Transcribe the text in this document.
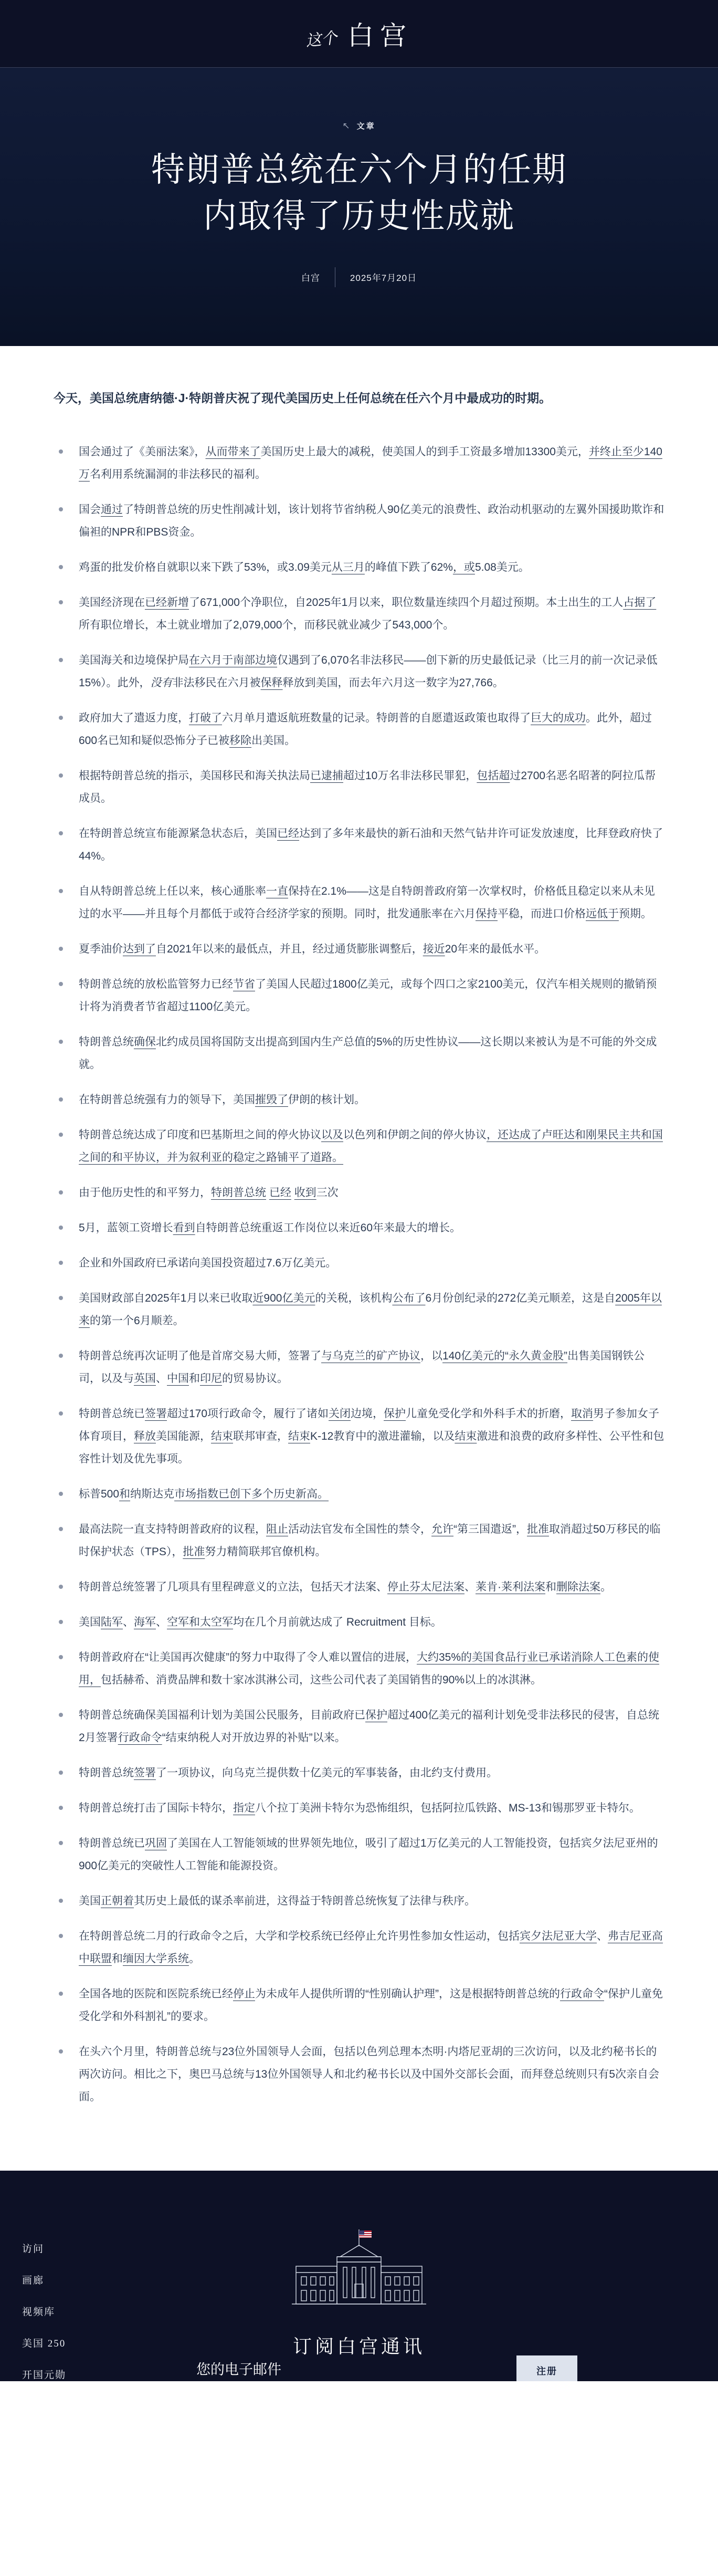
这个 白宫
↖ 文章
特朗普总统在六个月的任期内取得了历史性成就
白宫	2025年7月20日

今天，美国总统唐纳德·J·特朗普庆祝了现代美国历史上任何总统在任六个月中最成功的时期。

国会通过了《美丽法案》，从而带来了美国历史上最大的减税，使美国人的到手工资最多增加13300美元，并终止至少140万名利用系统漏洞的非法移民的福利。
国会通过了特朗普总统的历史性削减计划，该计划将节省纳税人90亿美元的浪费性、政治动机驱动的左翼外国援助欺诈和偏袒的NPR和PBS资金。
鸡蛋的批发价格自就职以来下跌了53%，或3.09美元从三月的峰值下跌了62%，或5.08美元。
美国经济现在已经新增了671,000个净职位，自2025年1月以来，职位数量连续四个月超过预期。本土出生的工人占据了所有职位增长，本土就业增加了2,079,000个，而移民就业减少了543,000个。
美国海关和边境保护局在六月于南部边境仅遇到了6,070名非法移民——创下新的历史最低记录（比三月的前一次记录低15%）。此外，没有非法移民在六月被保释释放到美国，而去年六月这一数字为27,766。
政府加大了遣返力度，打破了六月单月遣返航班数量的记录。特朗普的自愿遣返政策也取得了巨大的成功。此外，超过600名已知和疑似恐怖分子已被移除出美国。
根据特朗普总统的指示，美国移民和海关执法局已逮捕超过10万名非法移民罪犯，包括超过2700名恶名昭著的阿拉瓜帮成员。
在特朗普总统宣布能源紧急状态后，美国已经达到了多年来最快的新石油和天然气钻井许可证发放速度，比拜登政府快了44%。
自从特朗普总统上任以来，核心通胀率一直保持在2.1%——这是自特朗普政府第一次掌权时，价格低且稳定以来从未见过的水平——并且每个月都低于或符合经济学家的预期。同时，批发通胀率在六月保持平稳，而进口价格远低于预期。
夏季油价达到了自2021年以来的最低点，并且，经过通货膨胀调整后，接近20年来的最低水平。
特朗普总统的放松监管努力已经节省了美国人民超过1800亿美元，或每个四口之家2100美元，仅汽车相关规则的撤销预计将为消费者节省超过1100亿美元。
特朗普总统确保北约成员国将国防支出提高到国内生产总值的5%的历史性协议——这长期以来被认为是不可能的外交成就。
在特朗普总统强有力的领导下，美国摧毁了伊朗的核计划。
特朗普总统达成了印度和巴基斯坦之间的停火协议以及以色列和伊朗之间的停火协议，还达成了卢旺达和刚果民主共和国之间的和平协议，并为叙利亚的稳定之路铺平了道路。
由于他历史性的和平努力，特朗普总统 已经 收到三次
5月，蓝领工资增长看到自特朗普总统重返工作岗位以来近60年来最大的增长。
企业和外国政府已承诺向美国投资超过7.6万亿美元。
美国财政部自2025年1月以来已收取近900亿美元的关税，该机构公布了6月份创纪录的272亿美元顺差，这是自2005年以来的第一个6月顺差。
特朗普总统再次证明了他是首席交易大师，签署了与乌克兰的矿产协议，以140亿美元的“永久黄金股”出售美国钢铁公司，以及与英国、中国和印尼的贸易协议。
特朗普总统已签署超过170项行政命令，履行了诸如关闭边境，保护儿童免受化学和外科手术的折磨，取消男子参加女子体育项目，释放美国能源，结束联邦审查，结束K-12教育中的激进灌输，以及结束激进和浪费的政府多样性、公平性和包容性计划及优先事项。
标普500和纳斯达克市场指数已创下多个历史新高。
最高法院一直支持特朗普政府的议程，阻止活动法官发布全国性的禁令，允许“第三国遣返”，批准取消超过50万移民的临时保护状态（TPS），批准努力精简联邦官僚机构。
特朗普总统签署了几项具有里程碑意义的立法，包括天才法案、停止芬太尼法案、莱肯·莱利法案和删除法案。
美国陆军、海军、空军和太空军均在几个月前就达成了 Recruitment 目标。
特朗普政府在“让美国再次健康”的努力中取得了令人难以置信的进展，大约35%的美国食品行业已承诺消除人工色素的使用，包括赫希、消费品牌和数十家冰淇淋公司，这些公司代表了美国销售的90%以上的冰淇淋。
特朗普总统确保美国福利计划为美国公民服务，目前政府已保护超过400亿美元的福利计划免受非法移民的侵害，自总统2月签署行政命令“结束纳税人对开放边界的补贴”以来。
特朗普总统签署了一项协议，向乌克兰提供数十亿美元的军事装备，由北约支付费用。
特朗普总统打击了国际卡特尔，指定八个拉丁美洲卡特尔为恐怖组织，包括阿拉瓜铁路、MS-13和锡那罗亚卡特尔。
特朗普总统已巩固了美国在人工智能领域的世界领先地位，吸引了超过1万亿美元的人工智能投资，包括宾夕法尼亚州的900亿美元的突破性人工智能和能源投资。
美国正朝着其历史上最低的谋杀率前进，这得益于特朗普总统恢复了法律与秩序。
在特朗普总统二月的行政命令之后，大学和学校系统已经停止允许男性参加女性运动，包括宾夕法尼亚大学、弗吉尼亚高中联盟和缅因大学系统。
全国各地的医院和医院系统已经停止为未成年人提供所谓的“性别确认护理”，这是根据特朗普总统的行政命令“保护儿童免受化学和外科割礼”的要求。
在头六个月里，特朗普总统与23位外国领导人会面，包括以色列总理本杰明·内塔尼亚胡的三次访问，以及北约秘书长的两次访问。相比之下，奥巴马总统与13位外国领导人和北约秘书长以及中国外交部长会面，而拜登总统则只有5次亲自会面。
访问
画廊
视频库
美国 250
开国元勋
订阅白宫通讯
您的电子邮件
注册
